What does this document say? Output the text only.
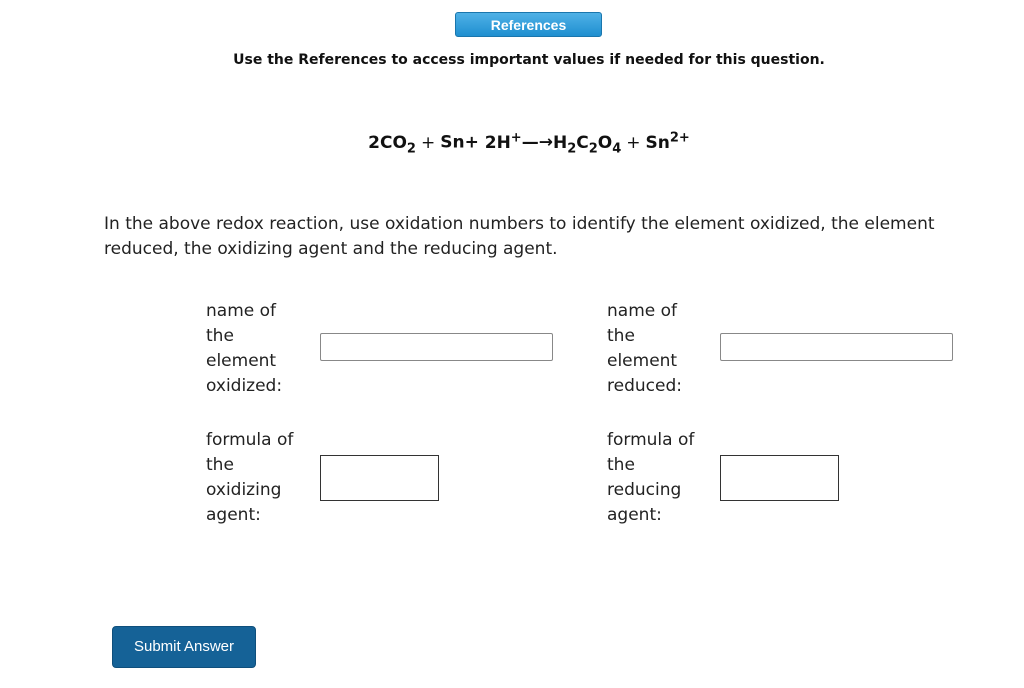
References
Use the References to access important values if needed for this question.
$2CO_2 + Sn+$ $2H^+—\to H_2C_2O_4 + Sn^{2+}$
In the above redox reaction, use oxidation numbers to identify the element oxidized, the element reduced, the oxidizing agent and the reducing agent.
name of
the
element
oxidized:
name of
the
element
reduced:
formula of
the
oxidizing
agent:
formula of
the
reducing
agent:
Submit Answer
